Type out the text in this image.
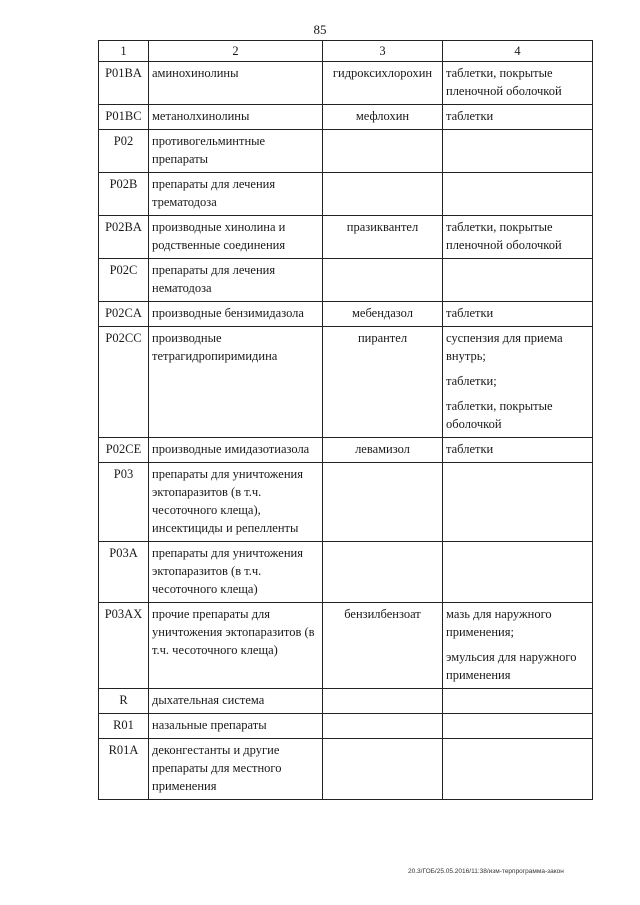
85
1	2	3	4
P01BA	аминохинолины	гидроксихлорохин	таблетки, покрытые пленочной оболочкой

P01BC	метанолхинолины	мефлохин	таблетки

P02	противогельминтные препараты		
P02B	препараты для лечения трематодоза		
P02BA	производные хинолина и родственные соединения	празиквантел	таблетки, покрытые пленочной оболочкой

P02C	препараты для лечения нематодоза		
P02CA	производные бензимидазола	мебендазол	таблетки

P02CC	производные тетрагидропиримидина	пирантел	суспензия для приема внутрь;
таблетки;
таблетки, покрытые оболочкой

P02CE	производные имидазотиазола	левамизол	таблетки

P03	препараты для уничтожения эктопаразитов (в т.ч. чесоточного клеща), инсектициды и репелленты		
P03A	препараты для уничтожения эктопаразитов (в т.ч. чесоточного клеща)		
P03AX	прочие препараты для уничтожения эктопаразитов (в т.ч. чесоточного клеща)	бензилбензоат	мазь для наружного применения;
эмульсия для наружного применения

R	дыхательная система		
R01	назальные препараты		
R01A	деконгестанты и другие препараты для местного применения		
20.3/ГОБ/25.05.2016/11:38/изм-терпрограмма-закон
